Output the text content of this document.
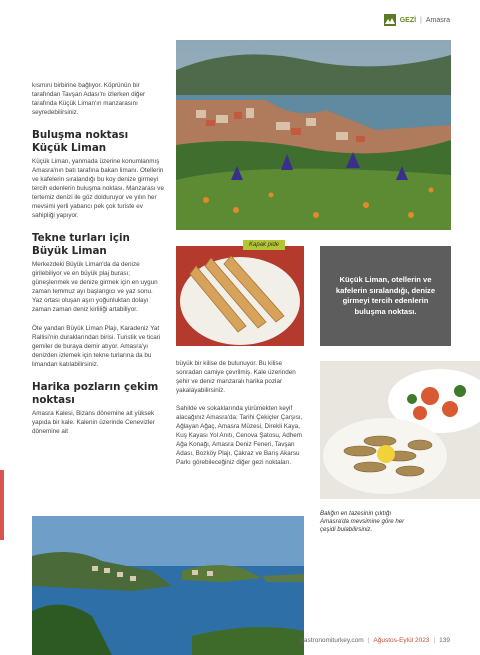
GEZİ | Amasra

kısmını birbirine bağlıyor. Köprünün bir tarafından Tavşan Adası'nı izlerken diğer tarafında Küçük Liman'ın manzarasını seyredebilirsiniz.

Buluşma noktası Küçük Liman

Küçük Liman, yanmada üzerine konumlanmış Amasra'nın batı tarafına bakan limanı. Otellerin ve kafelerin sıralandığı bu koy denize girmeyi tercih edenlerin buluşma noktası. Manzarası ve tertemiz denizi ile göz dolduruyor ve yılın her mevsimi yerli yabancı pek çok turiste ev sahipliği yapıyor.

Tekne turları için Büyük Liman

Merkezdeki Büyük Liman'da da denize girilebiliyor ve en büyük plaj burası; güneşlenmek ve denize girmek için en uygun zaman temmuz ayı başlangıcı ve yaz sonu. Yaz ortası oluşan aşırı yoğunluktan dolayı zaman zaman deniz kirliliği artabiliyor.

Öte yandan Büyük Liman Plajı, Karadeniz Yat Rallisi'nin duraklarından birisi. Turistik ve ticari gemiler de buraya demir atıyor. Amasra'yı denizden izlemek için tekne turlarına da bu limandan katılabilirsiniz.

Harika pozların çekim noktası

Amasra Kalesi, Bizans dönemine ait yüksek yapıda bir kale. Kalenin üzerinde Cenevizler dönemine ait

Kapak pide
Küçük Liman, otellerin ve kafelerin sıralandığı, denize girmeyi tercih edenlerin buluşma noktası.

büyük bir kilise de bulunuyor. Bu kilise sonradan camiye çevrilmiş. Kale üzerinden şehir ve deniz manzaralı harika pozlar yakalayabilirsiniz.

Sahilde ve sokaklarında yürümekten keyif alacağınız Amasra'da; Tarihi Çekiçler Çarşısı, Ağlayan Ağaç, Amasra Müzesi, Direkli Kaya, Kuş Kayası Yol Anıtı, Cenova Şatosu, Adhem Ağa Konağı, Amasra Deniz Feneri, Tavşan Adası, Bozköy Plajı, Çakraz ve Barış Akarsu Parkı görebileceğiniz diğer gezi noktaları.

Balığın en tazesinin çıktığı Amasra'da mevsimine göre her çeşidi bulabilirsiniz.
gastronomiturkey.com | Ağustos-Eylül 2023 | 139
